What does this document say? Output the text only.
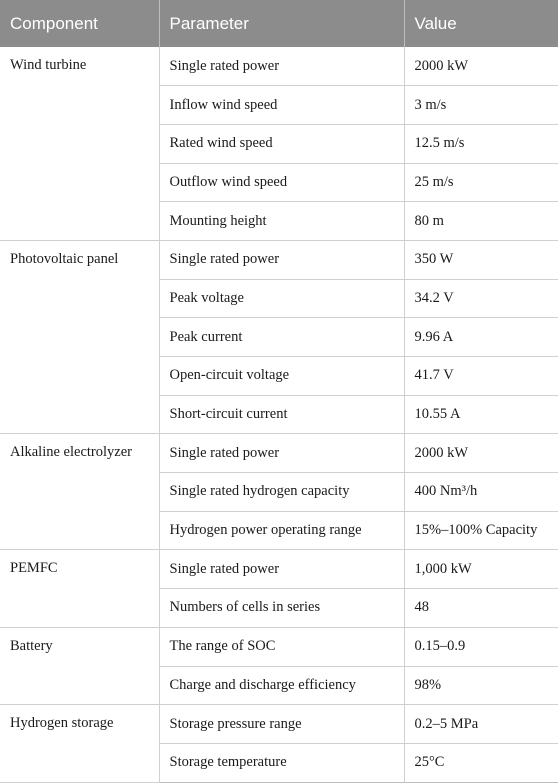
Component	Parameter	Value
Wind turbine	Single rated power	2000 kW
	Inflow wind speed	3 m/s
	Rated wind speed	12.5 m/s
	Outflow wind speed	25 m/s
	Mounting height	80 m
Photovoltaic panel	Single rated power	350 W
	Peak voltage	34.2 V
	Peak current	9.96 A
	Open-circuit voltage	41.7 V
	Short-circuit current	10.55 A
Alkaline electrolyzer	Single rated power	2000 kW
	Single rated hydrogen capacity	400 Nm³/h
	Hydrogen power operating range	15%–100% Capacity
PEMFC	Single rated power	1,000 kW
	Numbers of cells in series	48
Battery	The range of SOC	0.15–0.9
	Charge and discharge efficiency	98%
Hydrogen storage	Storage pressure range	0.2–5 MPa
	Storage temperature	25°C
